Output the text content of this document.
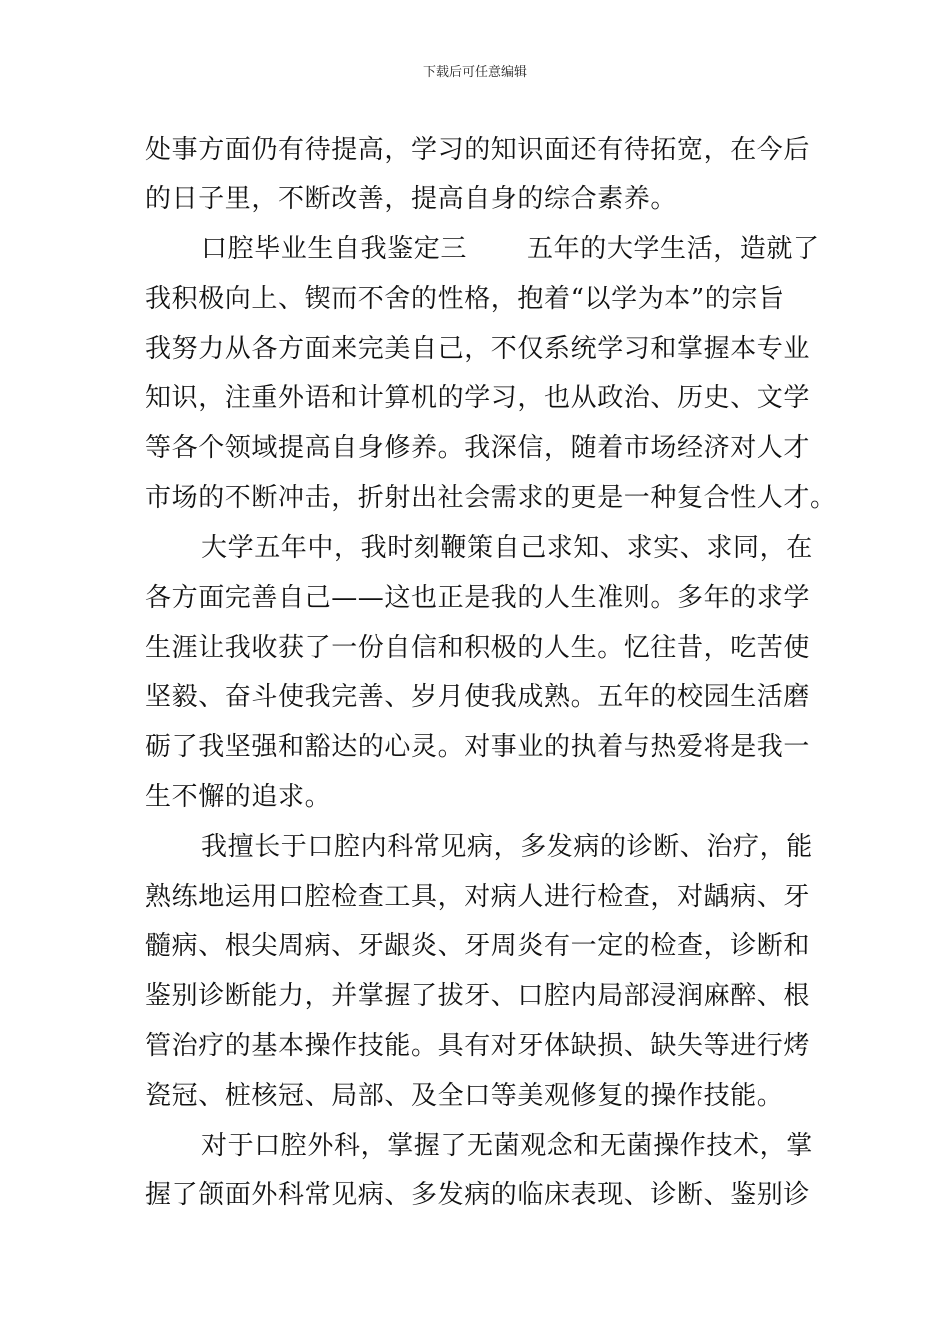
下载后可任意编辑
处事方面仍有待提高，学习的知识面还有待拓宽，在今后
的日子里，不断改善，提高自身的综合素养。
口腔毕业生自我鉴定三 五年的大学生活，造就了
我积极向上、锲而不舍的性格，抱着“以学为本”的宗旨
我努力从各方面来完美自己，不仅系统学习和掌握本专业
知识，注重外语和计算机的学习，也从政治、历史、文学
等各个领域提高自身修养。我深信，随着市场经济对人才
市场的不断冲击，折射出社会需求的更是一种复合性人才。
大学五年中，我时刻鞭策自己求知、求实、求同，在
各方面完善自己——这也正是我的人生准则。多年的求学
生涯让我收获了一份自信和积极的人生。忆往昔，吃苦使
坚毅、奋斗使我完善、岁月使我成熟。五年的校园生活磨
砺了我坚强和豁达的心灵。对事业的执着与热爱将是我一
生不懈的追求。
我擅长于口腔内科常见病，多发病的诊断、治疗，能
熟练地运用口腔检查工具，对病人进行检查，对龋病、牙
髓病、根尖周病、牙龈炎、牙周炎有一定的检查，诊断和
鉴别诊断能力，并掌握了拔牙、口腔内局部浸润麻醉、根
管治疗的基本操作技能。具有对牙体缺损、缺失等进行烤
瓷冠、桩核冠、局部、及全口等美观修复的操作技能。
对于口腔外科，掌握了无菌观念和无菌操作技术，掌
握了颌面外科常见病、多发病的临床表现、诊断、鉴别诊
